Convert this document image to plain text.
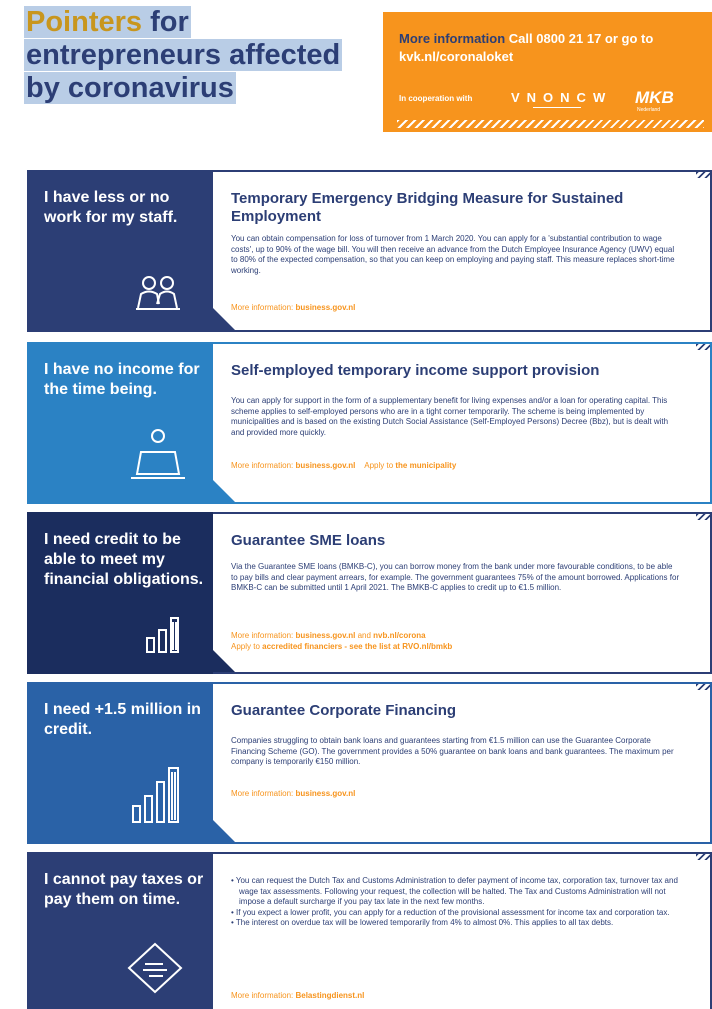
Pointers for
entrepreneurs affected
by coronavirus
More information Call 0800 21 17 or go to kvk.nl/coronaloket
In cooperation with	VNONCW MKB
Nederland
I have less or no work for my staff.
Temporary Emergency Bridging Measure for Sustained Employment
You can obtain compensation for loss of turnover from 1 March 2020. You can apply for a 'substantial contribution to wage costs', up to 90% of the wage bill. You will then receive an advance from the Dutch Employee Insurance Agency (UWV) equal to 80% of the expected compensation, so that you can keep on employing and paying staff. This measure replaces short-time working.
More information: business.gov.nl
I have no income for the time being.
Self-employed temporary income support provision
You can apply for support in the form of a supplementary benefit for living expenses and/or a loan for operating capital. This scheme applies to self-employed persons who are in a tight corner temporarily. The scheme is being implemented by municipalities and is based on the existing Dutch Social Assistance (Self-Employed Persons) Decree (Bbz), but is dealt with and provided more quickly.
More information: business.gov.nl Apply to the municipality
I need credit to be able to meet my financial obligations.
Guarantee SME loans
Via the Guarantee SME loans (BMKB-C), you can borrow money from the bank under more favourable conditions, to be able to pay bills and clear payment arrears, for example. The government guarantees 75% of the amount borrowed. Applications for BMKB-C can be submitted until 1 April 2021. The BMKB-C applies to credit up to €1.5 million.
More information: business.gov.nl and nvb.nl/corona
Apply to accredited financiers - see the list at RVO.nl/bmkb
I need +1.5 million in credit.
Guarantee Corporate Financing
Companies struggling to obtain bank loans and guarantees starting from €1.5 million can use the Guarantee Corporate Financing Scheme (GO). The government provides a 50% guarantee on bank loans and bank guarantees. The maximum per company is temporarily €150 million.
More information: business.gov.nl
I cannot pay taxes or pay them on time.
• You can request the Dutch Tax and Customs Administration to defer payment of income tax, corporation tax, turnover tax and wage tax assessments. Following your request, the collection will be halted. The Tax and Customs Administration will not impose a default surcharge if you pay tax late in the next few months.
• If you expect a lower profit, you can apply for a reduction of the provisional assessment for income tax and corporation tax.
• The interest on overdue tax will be lowered temporarily from 4% to almost 0%. This applies to all tax debts.
More information: Belastingdienst.nl
